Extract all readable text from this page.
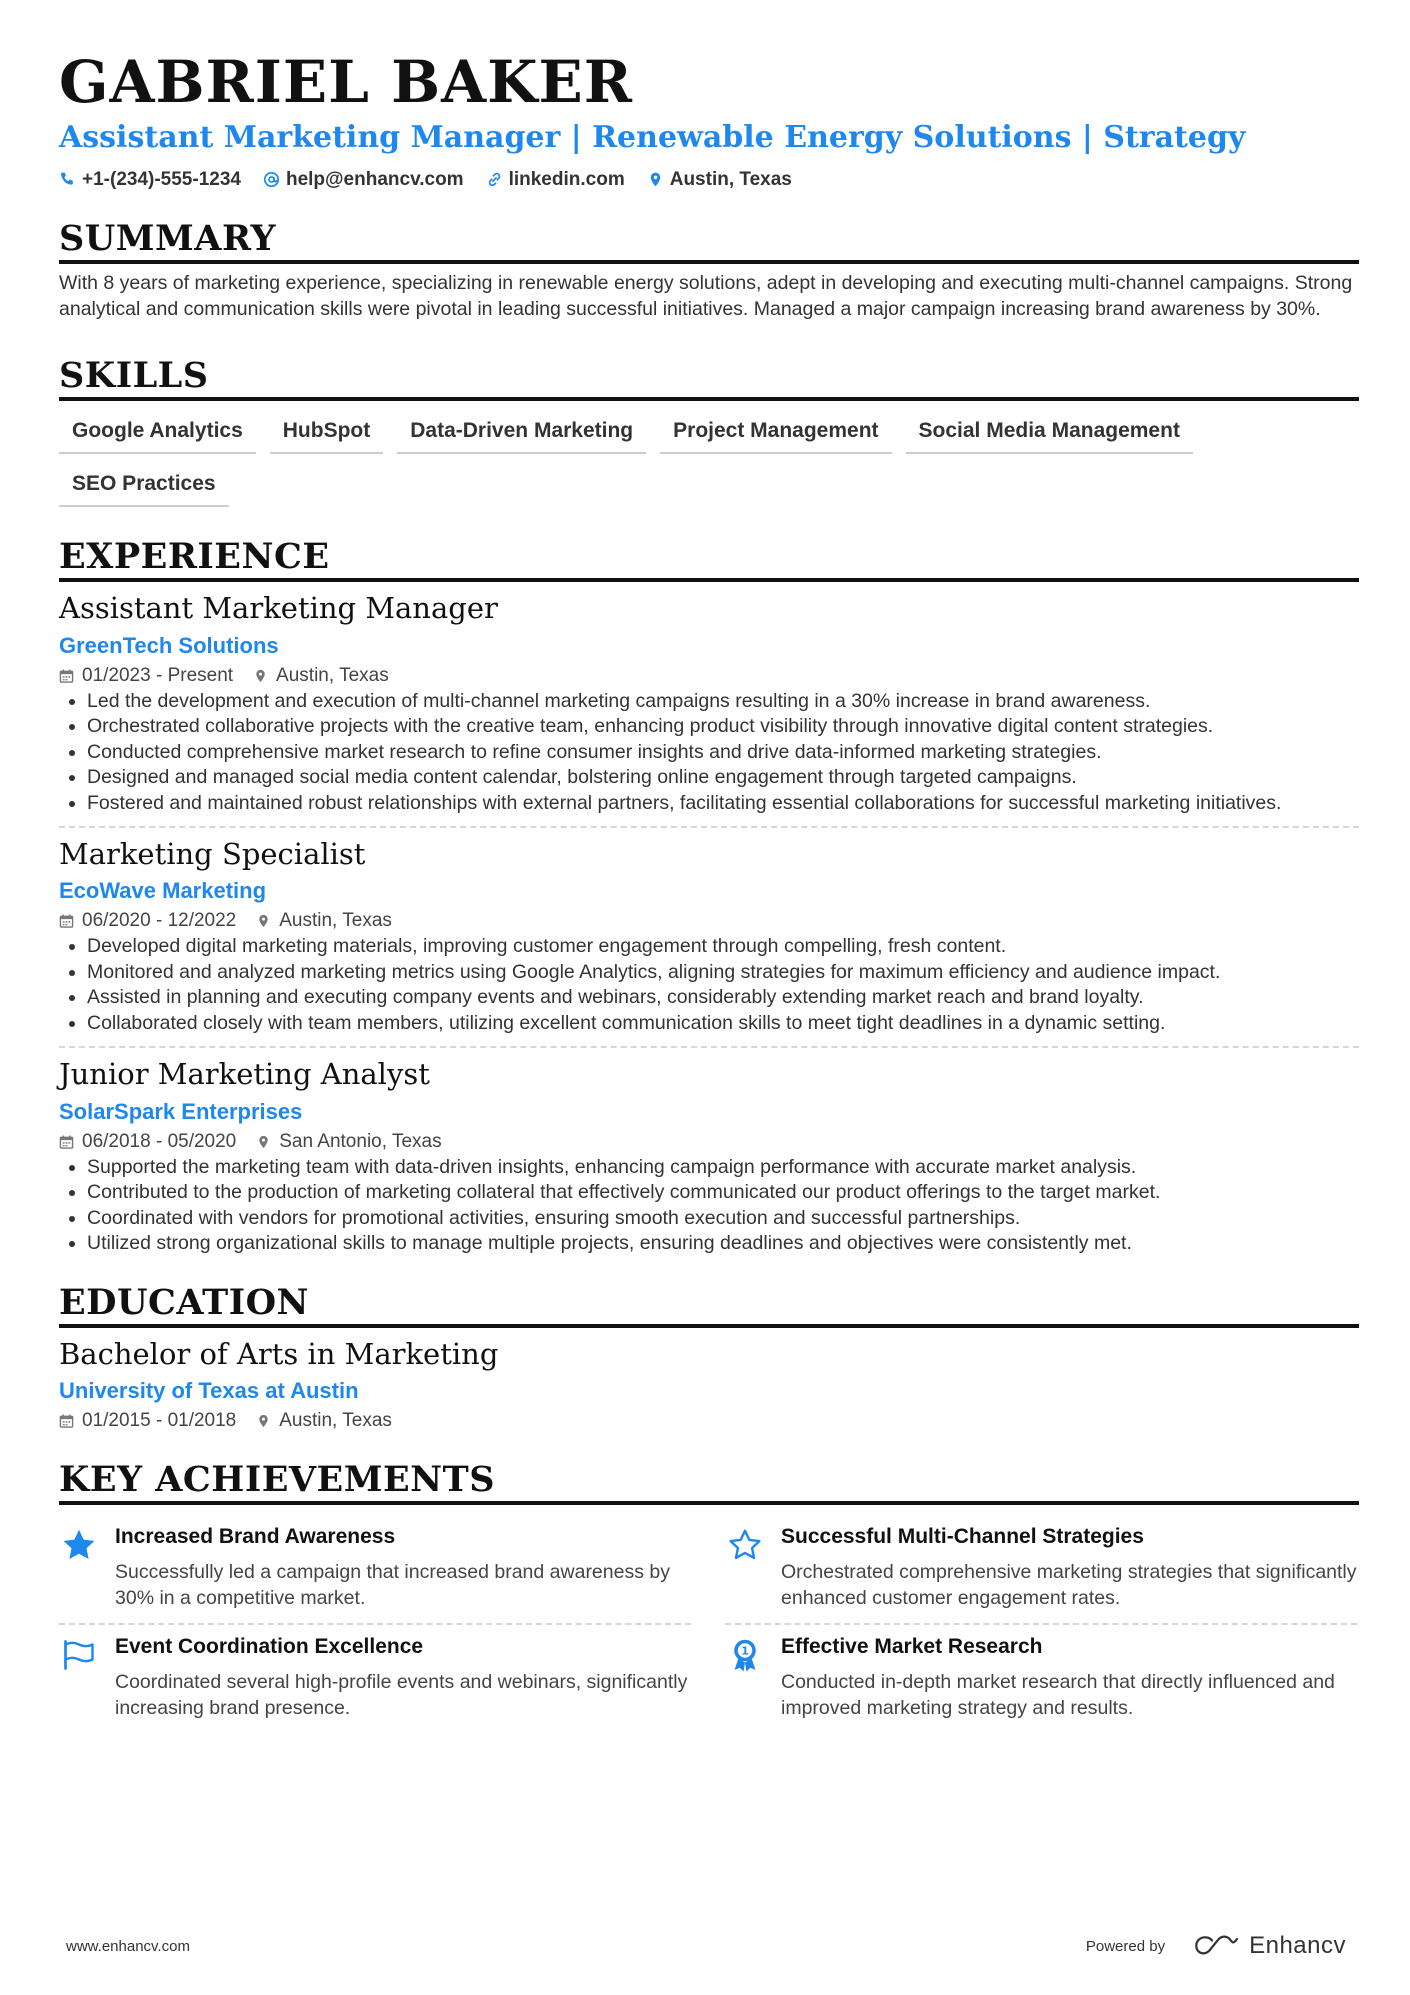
GABRIEL BAKER
Assistant Marketing Manager | Renewable Energy Solutions | Strategy
+1-(234)-555-1234 help@enhancv.com linkedin.com Austin, Texas
SUMMARY
With 8 years of marketing experience, specializing in renewable energy solutions, adept in developing and executing multi-channel campaigns. Strong analytical and communication skills were pivotal in leading successful initiatives. Managed a major campaign increasing brand awareness by 30%.
SKILLS
Google Analytics	HubSpot	Data-Driven Marketing	Project Management	Social Media Management
SEO Practices
EXPERIENCE
Assistant Marketing Manager
GreenTech Solutions
01/2023 - Present Austin, Texas
• Led the development and execution of multi-channel marketing campaigns resulting in a 30% increase in brand awareness.
• Orchestrated collaborative projects with the creative team, enhancing product visibility through innovative digital content strategies.
• Conducted comprehensive market research to refine consumer insights and drive data-informed marketing strategies.
• Designed and managed social media content calendar, bolstering online engagement through targeted campaigns.
• Fostered and maintained robust relationships with external partners, facilitating essential collaborations for successful marketing initiatives.
Marketing Specialist
EcoWave Marketing
06/2020 - 12/2022 Austin, Texas
• Developed digital marketing materials, improving customer engagement through compelling, fresh content.
• Monitored and analyzed marketing metrics using Google Analytics, aligning strategies for maximum efficiency and audience impact.
• Assisted in planning and executing company events and webinars, considerably extending market reach and brand loyalty.
• Collaborated closely with team members, utilizing excellent communication skills to meet tight deadlines in a dynamic setting.
Junior Marketing Analyst
SolarSpark Enterprises
06/2018 - 05/2020 San Antonio, Texas
• Supported the marketing team with data-driven insights, enhancing campaign performance with accurate market analysis.
• Contributed to the production of marketing collateral that effectively communicated our product offerings to the target market.
• Coordinated with vendors for promotional activities, ensuring smooth execution and successful partnerships.
• Utilized strong organizational skills to manage multiple projects, ensuring deadlines and objectives were consistently met.
EDUCATION
Bachelor of Arts in Marketing
University of Texas at Austin
01/2015 - 01/2018 Austin, Texas
KEY ACHIEVEMENTS
Increased Brand Awareness
Successfully led a campaign that increased brand awareness by 30% in a competitive market.
Successful Multi-Channel Strategies
Orchestrated comprehensive marketing strategies that significantly enhanced customer engagement rates.
Event Coordination Excellence
Coordinated several high-profile events and webinars, significantly increasing brand presence.
1 Effective Market Research
Conducted in-depth market research that directly influenced and improved marketing strategy and results.
www.enhancv.com	Powered by	Enhancv
